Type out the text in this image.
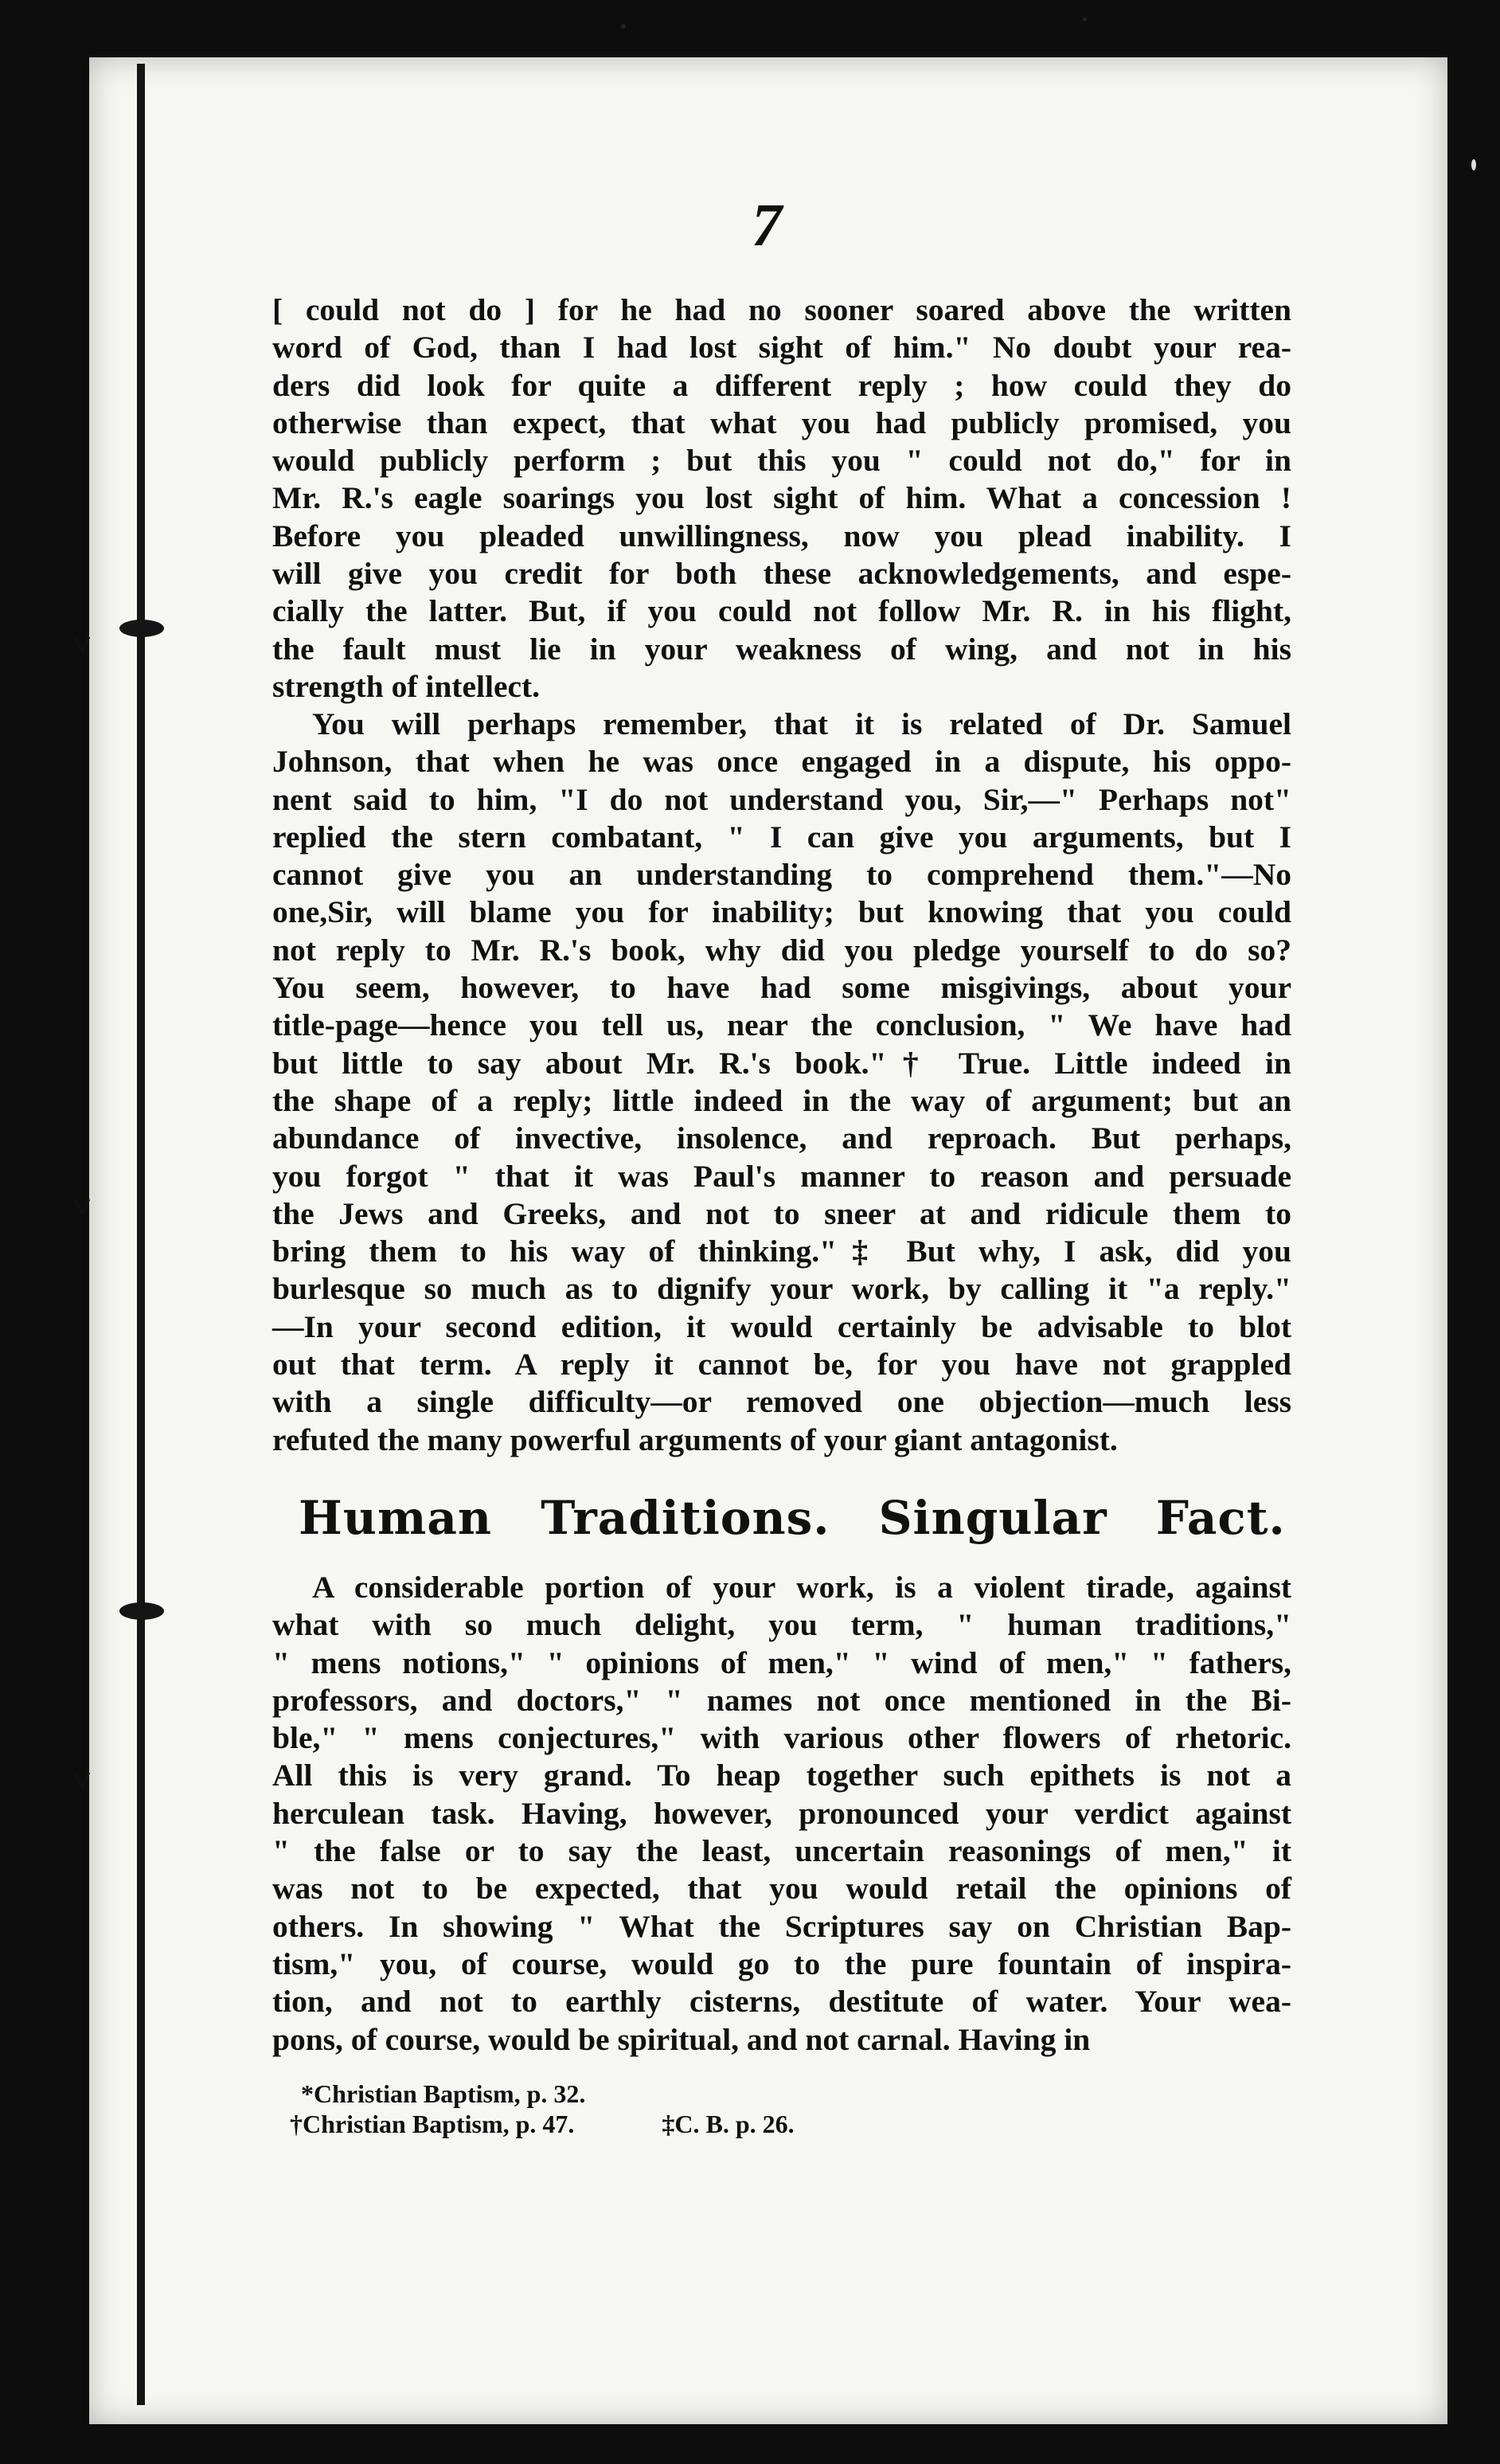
˅
˅
˅
7
[ could not do ] for he had no sooner soared above the written
word of God, than I had lost sight of him." No doubt your rea-
ders did look for quite a different reply ; how could they do
otherwise than expect, that what you had publicly promised, you
would publicly perform ; but this you " could not do," for in
Mr. R.'s eagle soarings you lost sight of him. What a concession !
Before you pleaded unwillingness, now you plead inability. I
will give you credit for both these acknowledgements, and espe-
cially the latter. But, if you could not follow Mr. R. in his flight,
the fault must lie in your weakness of wing, and not in his
strength of intellect.
You will perhaps remember, that it is related of Dr. Samuel
Johnson, that when he was once engaged in a dispute, his oppo-
nent said to him, "I do not understand you, Sir,—" Perhaps not"
replied the stern combatant, " I can give you arguments, but I
cannot give you an understanding to comprehend them."—No
one,Sir, will blame you for inability; but knowing that you could
not reply to Mr. R.'s book, why did you pledge yourself to do so?
You seem, however, to have had some misgivings, about your
title-page—hence you tell us, near the conclusion, " We have had
but little to say about Mr. R.'s book."† True. Little indeed in
the shape of a reply; little indeed in the way of argument; but an
abundance of invective, insolence, and reproach. But perhaps,
you forgot " that it was Paul's manner to reason and persuade
the Jews and Greeks, and not to sneer at and ridicule them to
bring them to his way of thinking."‡ But why, I ask, did you
burlesque so much as to dignify your work, by calling it "a reply."
—In your second edition, it would certainly be advisable to blot
out that term. A reply it cannot be, for you have not grappled
with a single difficulty—or removed one objection—much less
refuted the many powerful arguments of your giant antagonist.
Human Traditions. Singular Fact.
A considerable portion of your work, is a violent tirade, against
what with so much delight, you term, " human traditions,"
" mens notions," " opinions of men," " wind of men," " fathers,
professors, and doctors," " names not once mentioned in the Bi-
ble," " mens conjectures," with various other flowers of rhetoric.
All this is very grand. To heap together such epithets is not a
herculean task. Having, however, pronounced your verdict against
" the false or to say the least, uncertain reasonings of men," it
was not to be expected, that you would retail the opinions of
others. In showing " What the Scriptures say on Christian Bap-
tism," you, of course, would go to the pure fountain of inspira-
tion, and not to earthly cisterns, destitute of water. Your wea-
pons, of course, would be spiritual, and not carnal. Having in
*Christian Baptism, p. 32.
†Christian Baptism, p. 47.	‡C. B. p. 26.
